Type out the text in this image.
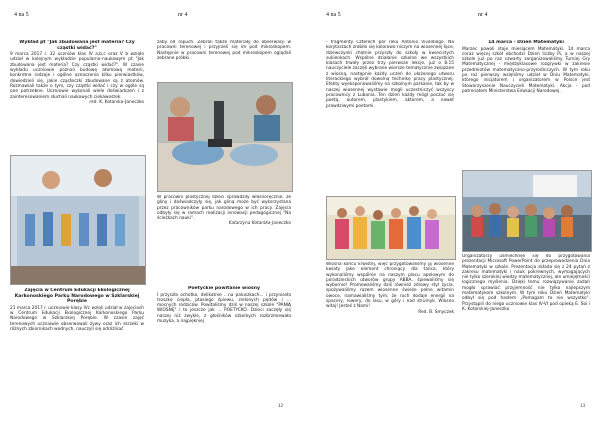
4 na 5	nr 4
Wykład pt "Jak zbudowana jest materia? Czy cząstki widać?"
9 marca 2017 r. 32 uczniów klas IV a,b,c oraz V b wzięło udział w kolejnym wykładzie popularno-naukowym pt "Jak zbudowana jest materia? Czy cząstki widać?". W czasie wykładu uczniowie poznali budowę atomową materii, konkretne rodzaje i ogólne oznaczenia kilku pierwiastków, dowiedzieli się, jakie cząsteczki zbudowane są z atomów. Rozmawiali także o tym, czy cząstki widać i czy w ogóle są one potrzebne. Uczniowie wykonali wiele doświadczeń i z zainteresowaniem słuchali naukowych ciekawostek.
red. K. Kotarska-Janeczko
Zajęcia w Centrum Edukacji Ekologicznej Karkonoskiego Parku Narodowego w Szklarskiej Porębie
21 marca 2017 r. uczniowie klasy IVc wzięli udział w zajęciach w Centrum Edukacji Ekologicznej Karkonoskiego Parku Narodowego w Szklarskiej Porębie. W czasie zajęć terenowych uczniowie obserwowali żywy oraz ich skrzeki w różnych zbiornikach wodnych, nauczyli się odróżniać
żaby od ropuch. Zebrali także materiały do obserwacji w pracowni terenowej i przyjrzeli się im pod mikroskopem. Następnie w pracowni terenowej pod mikroskopem oglądali zebrane próbki.
W pracowni plastycznej dzieci sprawdziły własnoręcznie, że gliny i doświadczyły się, jak gliną może być wykorzystana przez pracowników parku narodowego w ich pracy. Zajęcia odbyły się w ramach realizacji innowacji pedagogicznej "Na ścieżkach nauki".
Katarzyna Kotarska-Janeczko
Poetyckie powitanie wiosny
I przyszła ochotko, delikatnie ...na paluszkach... i przyniosła troszkę ciepła, ptasiego śpiewu, zielonych pędów i ... mocnych rodziców. Powitaliśmy dziś w naszej szkole "PANIĄ WIOSNĘ" i to jeszcze jak ... POETYCKO. Dzieci zaczęły się naszej niż zwykle, z głośników szkolnych rozbrzmiewała muzyka, a najpiękniej
12
4 na 5	nr 4
- fragmenty Czterech pór roku Antonio Vivaldiego. Na korytarzach zrobiło się kolorowo niczym na wiosennej łące, dziewczynki chętnie przyszły do szkoły w kwiecistych sukienkach. Wspólne działanie szkolne we wszystkich klasach trwały przez trzy pierwsze lekcje, już o 8.15 nauczyciele zaczęli wybrane wiersze tematycznie związane z wiosną, następnie każdy uczeń do ułożonego utworu literackiego wybrał dowolną technikę pracy plastycznej. Efekty wyeksponowaliśmy na szkolnym parkanie, tak by w naszej wiosennej wystawie mogli uczestniczyć wszyscy pracownicy z Lubania. Ten dzień każdy mógł poczuć się poetą, autorem, plastykiem, aktorem, a nawet prawdziwymi poetami.
Wiosna końcu krwistej, więc przygotowaliśmy ją wiosenne kwiaty jako element chroniący dla tańca, który wykonaliśmy wspólnie na naszym placu apelowym do poradzieckich utworów grupy ABBA, śpiewaliśmy się wybornie! Promowaliśmy dziś również zdrowy styl życia, spożywaliśmy razem wiosenne świeże pełne witamin owoce, namawialiśmy tym, że ruch dodaje energii na spacery, rowery, do lasu, w góry i nad strumyk. Wiosno witaj! Jesteś z Nami!
Red. B. Smyczek
14 marca - Dzień Matematyki
Marzec powoli stoje miesiącem Matematyki. 14 marca coraz więcej szkół obchodzi Dzień liczby Pi, a w naszej szkole już po raz czwarty zorganizowaliśmy Turniej Gry Matematycznej - międzyklasowe rozgrywki w zakresie przedmiotów matematyczno-przyrodniczych. W tym roku po raz pierwszy wzięliśmy udział w Dniu Matematyki, którego inicjatorem i organizatorem w Polsce jest Stowarzyszenie Nauczycieli Matematyki. Akcja - pod patronatem Ministerstwa Edukacji Narodowej.
Organizatorzy uśmiechnęli się do przygotowania prezentacji Microsoft PowerPoint do przeprowadzenia Dnia Matematyki w szkole. Prezentacja składa się z 24 pytań z zakresu matematyki i nauk pokrewnych, wymagających nie tylko szerokiej wiedzy matematycznej, ale umiejętności logicznego myślenia. Dzięki temu rozwiązywanie zadań mogło sprawiać przyjemność nie tylko najlepszym matematykom szkolnym. W tym roku Dzień Matematyki odbył się pod hasłem „Pomagam to nie wszystko". Przystąpili do niego uczniowie klas IV-VI pod opieką E. Soi i K. Kotarskiej-Janeczko
13
